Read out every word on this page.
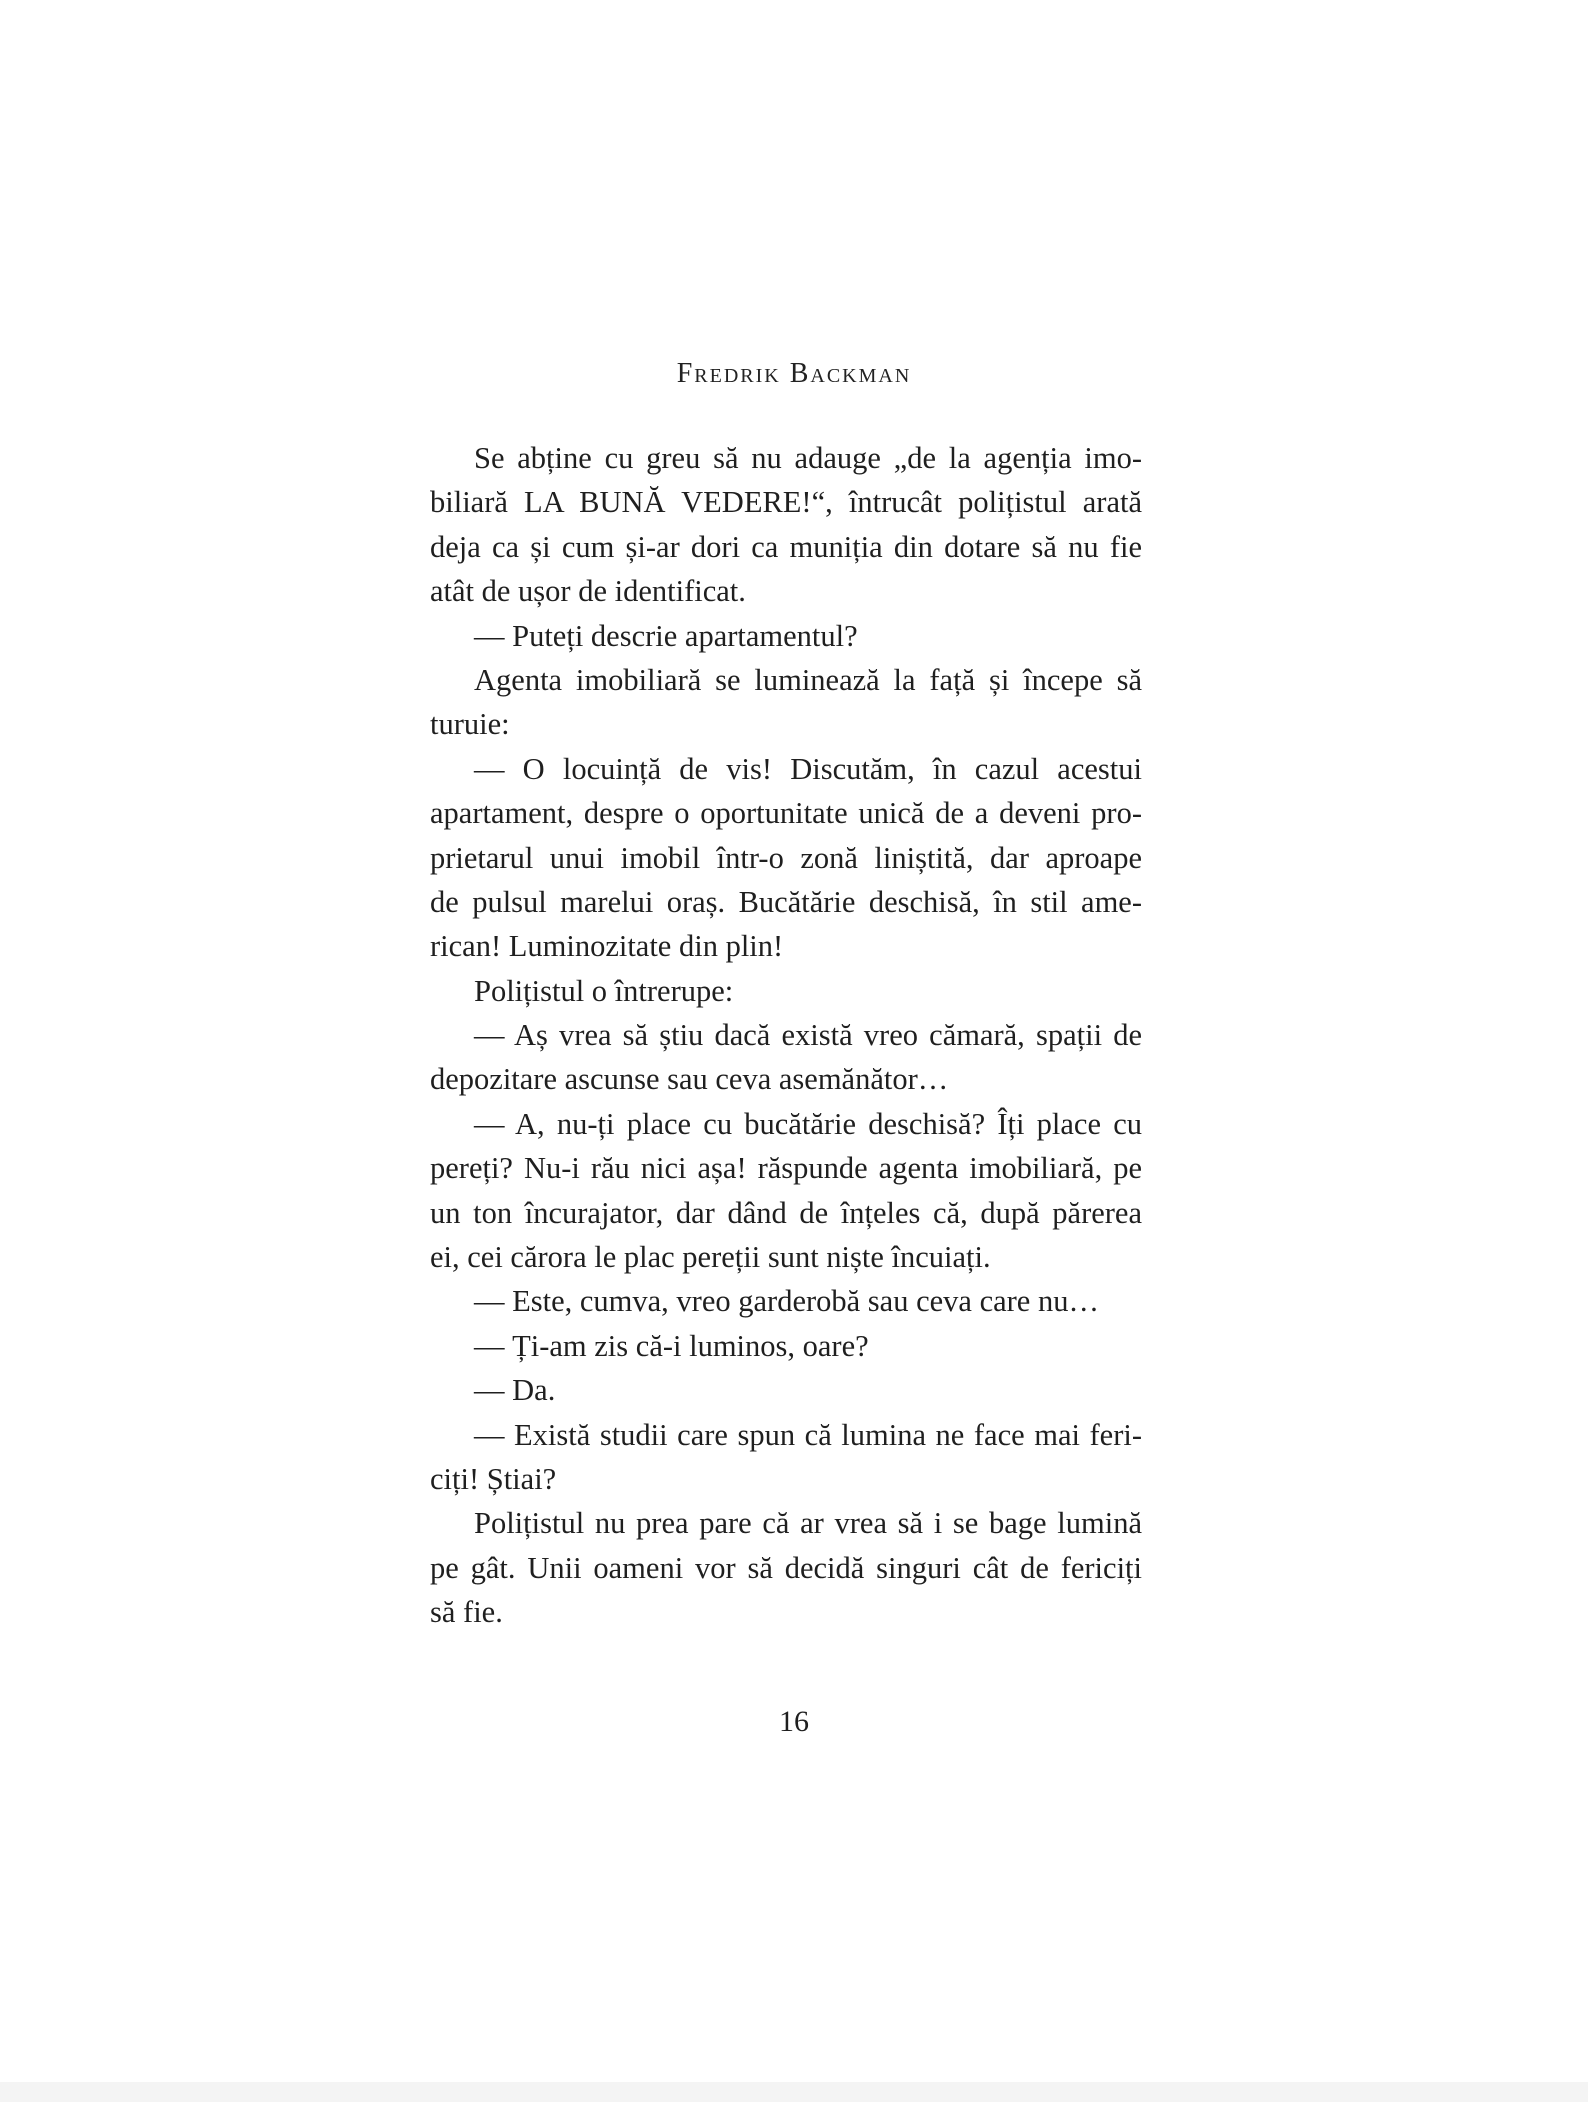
Fredrik Backman
Se abține cu greu să nu adauge „de la agenția imo-
biliară LA BUNĂ VEDERE!“, întrucât polițistul arată
deja ca și cum și-ar dori ca muniția din dotare să nu fie
atât de ușor de identificat.
— Puteți descrie apartamentul?
Agenta imobiliară se luminează la față și începe să
turuie:
— O locuință de vis! Discutăm, în cazul acestui
apartament, despre o oportunitate unică de a deveni pro-
prietarul unui imobil într-o zonă liniștită, dar aproape
de pulsul marelui oraș. Bucătărie deschisă, în stil ame-
rican! Luminozitate din plin!
Polițistul o întrerupe:
— Aș vrea să știu dacă există vreo cămară, spații de
depozitare ascunse sau ceva asemănător…
— A, nu-ți place cu bucătărie deschisă? Îți place cu
pereți? Nu-i rău nici așa! răspunde agenta imobiliară, pe
un ton încurajator, dar dând de înțeles că, după părerea
ei, cei cărora le plac pereții sunt niște încuiați.
— Este, cumva, vreo garderobă sau ceva care nu…
— Ți-am zis că-i luminos, oare?
— Da.
— Există studii care spun că lumina ne face mai feri-
ciți! Știai?
Polițistul nu prea pare că ar vrea să i se bage lumină
pe gât. Unii oameni vor să decidă singuri cât de fericiți
să fie.
16
